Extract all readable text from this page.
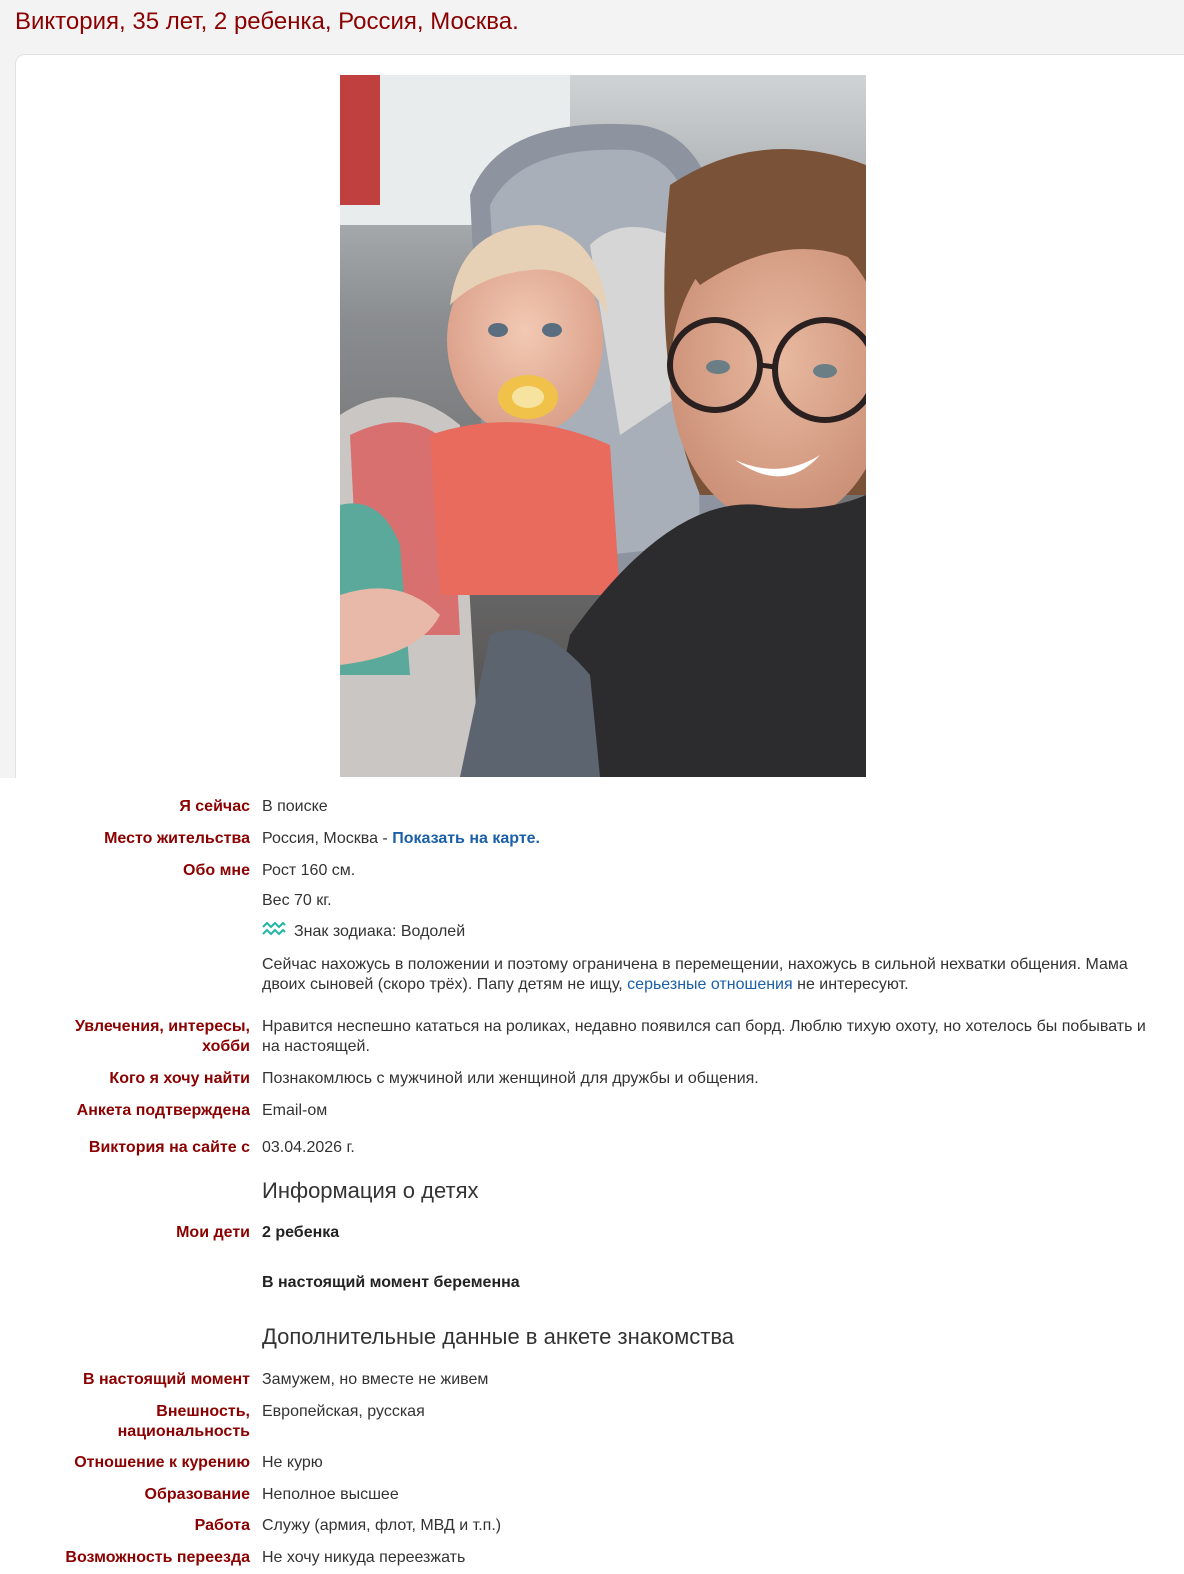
Виктория, 35 лет, 2 ребенка, Россия, Москва.
Я сейчас В поиске
Место жительства Россия, Москва - Показать на карте.
Обо мне Рост 160 см.
Вес 70 кг.
Знак зодиака: Водолей
Сейчас нахожусь в положении и поэтому ограничена в перемещении, нахожусь в сильной нехватки общения. Мама двоих сыновей (скоро трёх). Папу детям не ищу, серьезные отношения не интересуют.
Увлечения, интересы,
хобби
Нравится неспешно кататься на роликах, недавно появился сап борд. Люблю тихую охоту, но хотелось бы побывать и на настоящей.
Кого я хочу найти Познакомлюсь с мужчиной или женщиной для дружбы и общения.
Анкета подтверждена Email-ом
Виктория на сайте с 03.04.2026 г.
Информация о детях
Мои дети 2 ребенка
В настоящий момент беременна
Дополнительные данные в анкете знакомства
В настоящий момент Замужем, но вместе не живем
Внешность,
национальность
Европейская, русская
Отношение к курению Не курю
Образование Неполное высшее
Работа Служу (армия, флот, МВД и т.п.)
Возможность переезда Не хочу никуда переезжать
